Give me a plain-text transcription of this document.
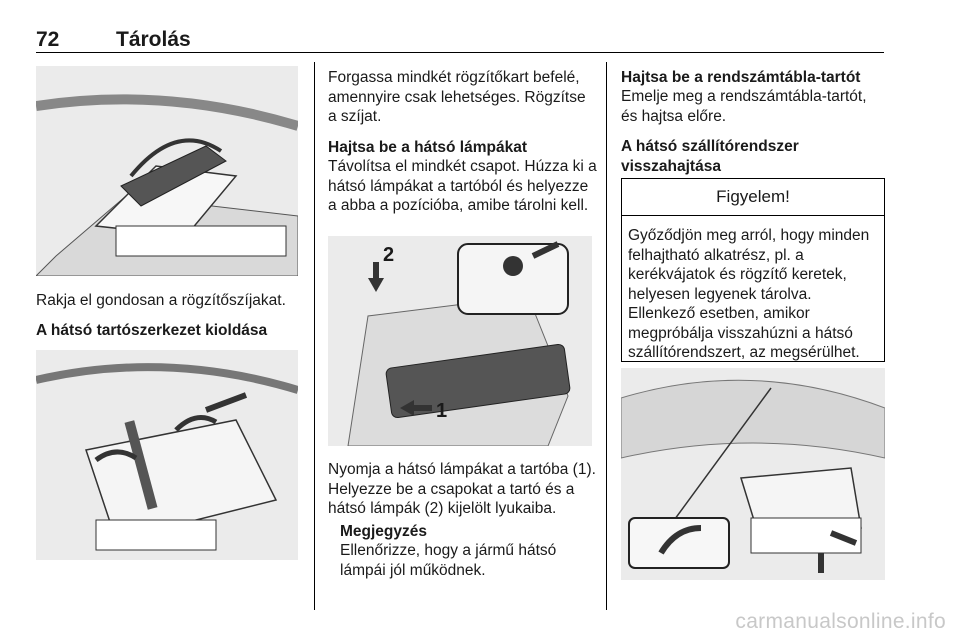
72	Tárolás
Rakja el gondosan a rögzítőszíjakat.
A hátsó tartószerkezet kioldása
Forgassa mindkét rögzítőkart befelé, amennyire csak lehetséges. Rögzítse a szíjat.
Hajtsa be a hátsó lámpákat
Távolítsa el mindkét csapot. Húzza ki a hátsó lámpákat a tartóból és helyezze a abba a pozícióba, amibe tárolni kell.
2
1
Nyomja a hátsó lámpákat a tartóba (1). Helyezze be a csapokat a tartó és a hátsó lámpák (2) kijelölt lyukaiba.
Megjegyzés
Ellenőrizze, hogy a jármű hátsó lámpái jól működnek.
Hajtsa be a rendszámtábla-tartót
Emelje meg a rendszámtábla-tartót, és hajtsa előre.
A hátsó szállítórendszer visszahajtása
Figyelem!
Győződjön meg arról, hogy minden felhajtható alkatrész, pl. a kerékvájatok és rögzítő keretek, helyesen legyenek tárolva. Ellenkező esetben, amikor megpróbálja visszahúzni a hátsó szállítórendszert, az megsérülhet.
carmanualsonline.info
